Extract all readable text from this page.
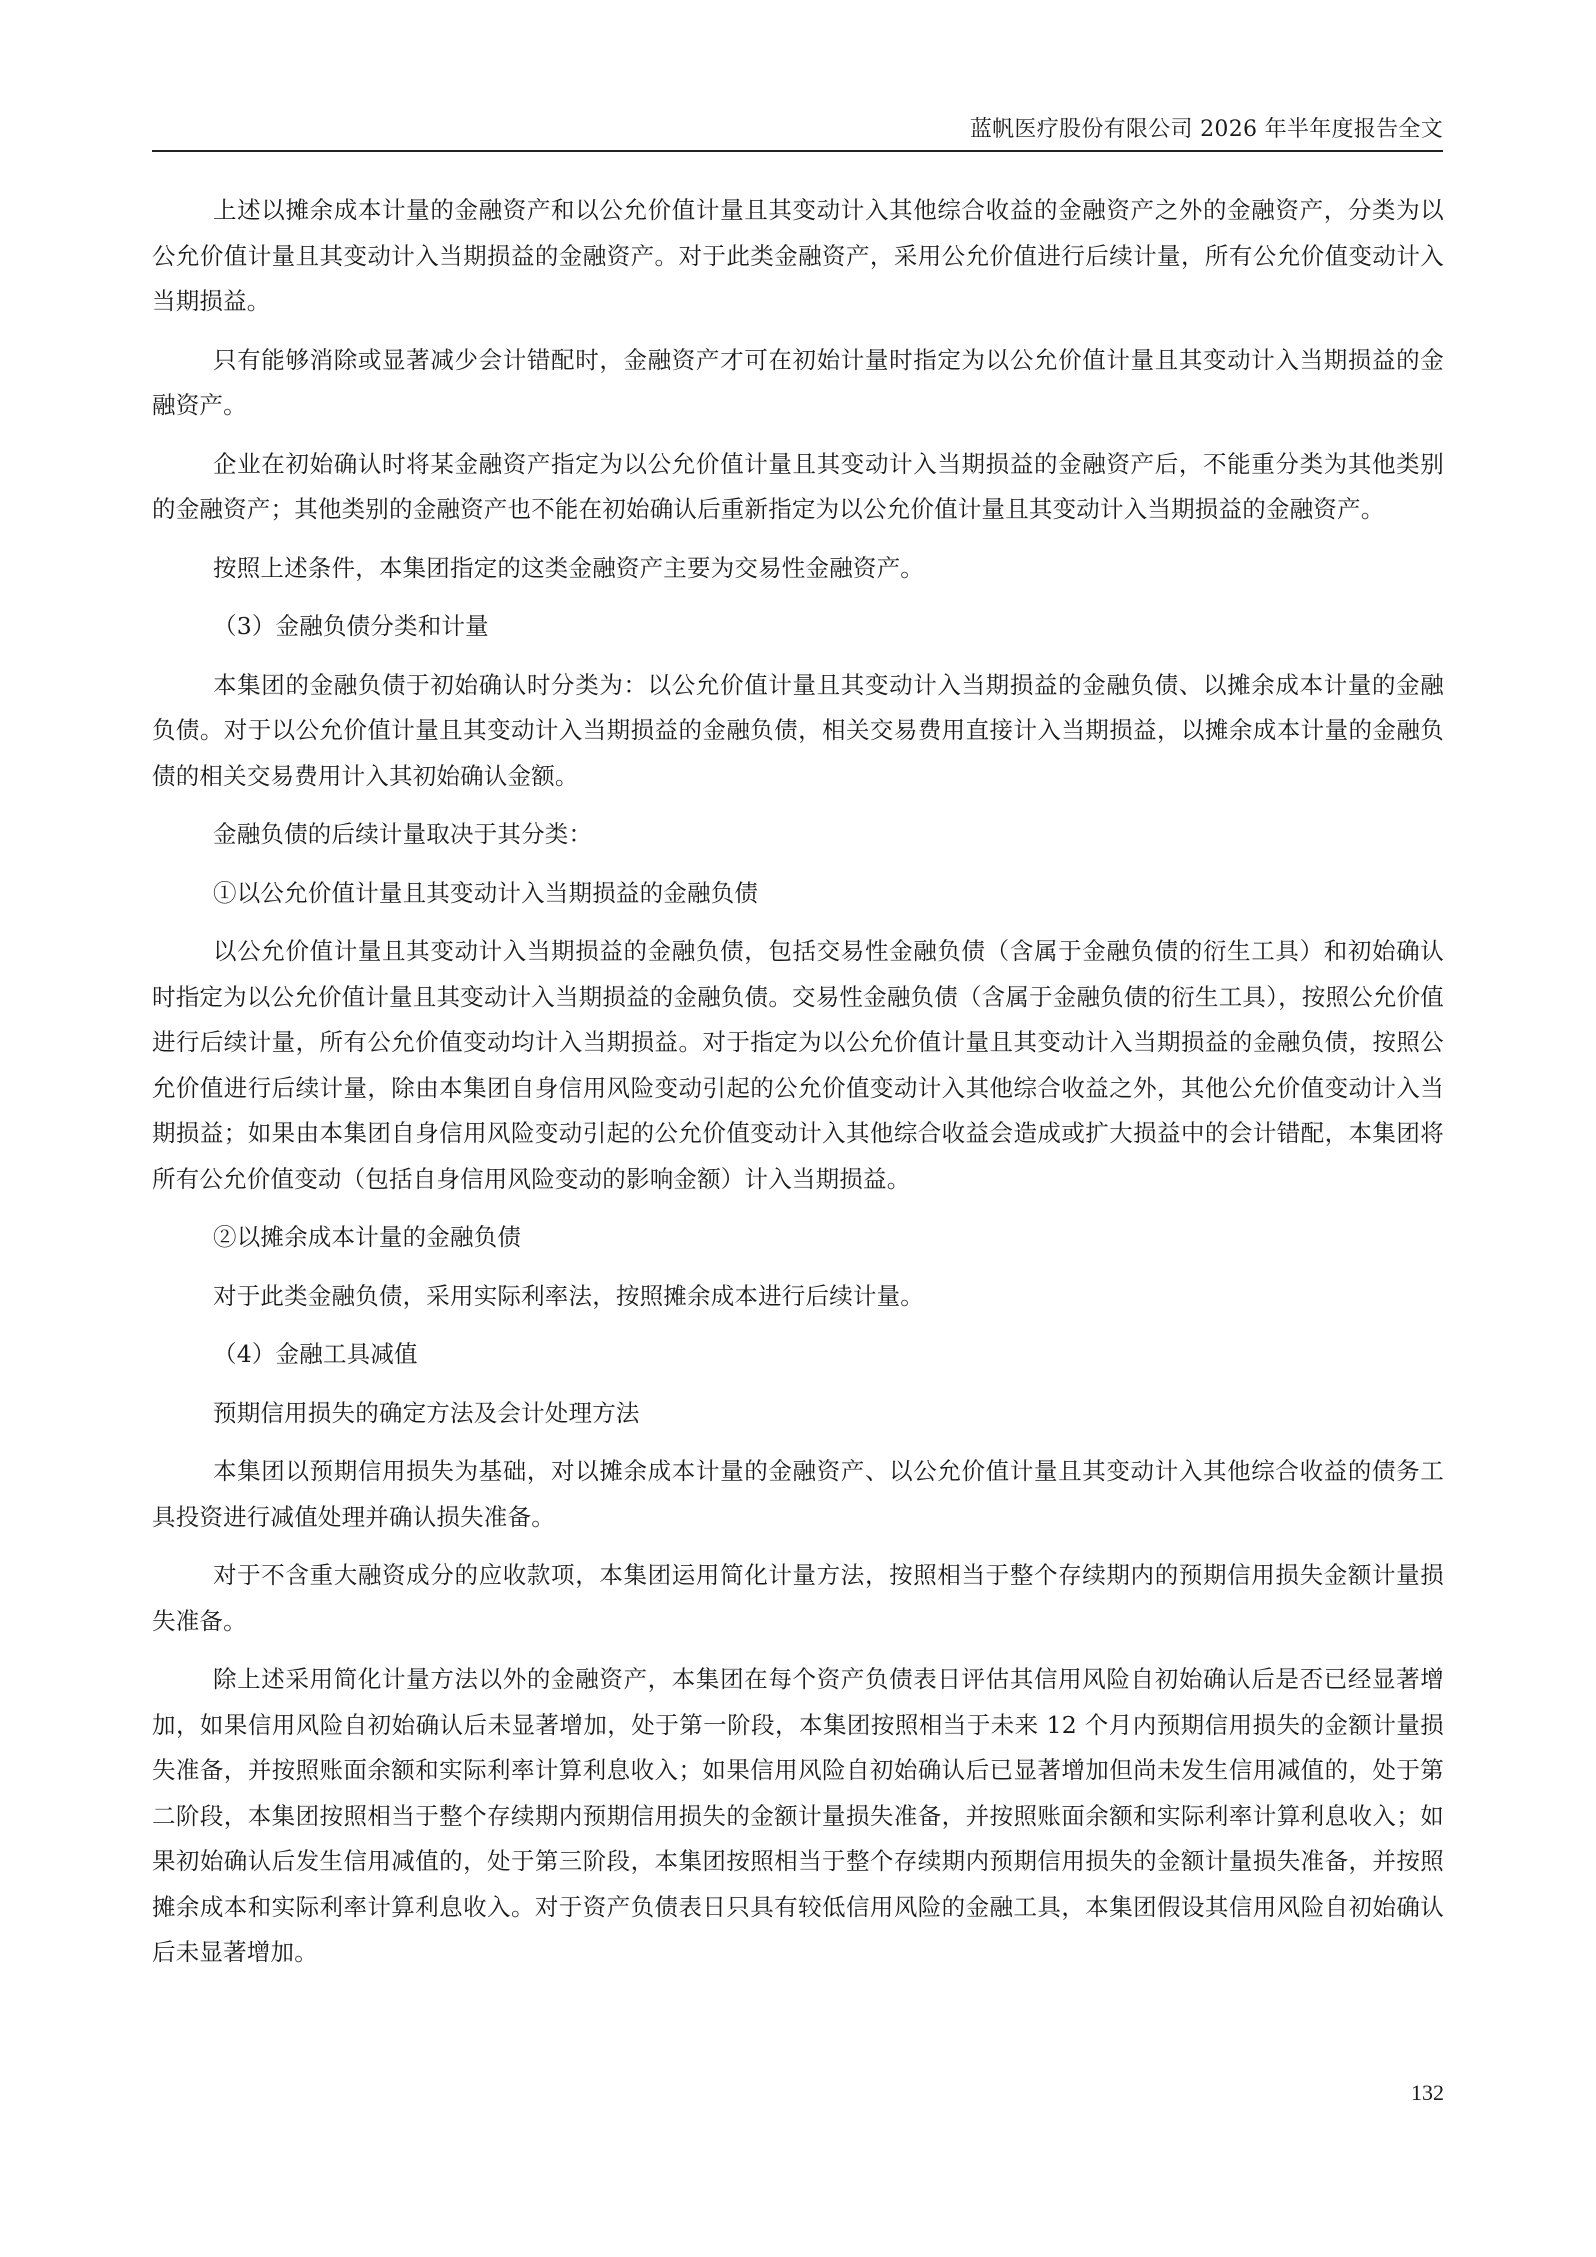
蓝帆医疗股份有限公司 2026 年半年度报告全文

上述以摊余成本计量的金融资产和以公允价值计量且其变动计入其他综合收益的金融资产之外的金融资产，分类为以公允价值计量且其变动计入当期损益的金融资产。对于此类金融资产，采用公允价值进行后续计量，所有公允价值变动计入当期损益。

只有能够消除或显著减少会计错配时，金融资产才可在初始计量时指定为以公允价值计量且其变动计入当期损益的金融资产。

企业在初始确认时将某金融资产指定为以公允价值计量且其变动计入当期损益的金融资产后，不能重分类为其他类别的金融资产；其他类别的金融资产也不能在初始确认后重新指定为以公允价值计量且其变动计入当期损益的金融资产。

按照上述条件，本集团指定的这类金融资产主要为交易性金融资产。

（3）金融负债分类和计量

本集团的金融负债于初始确认时分类为：以公允价值计量且其变动计入当期损益的金融负债、以摊余成本计量的金融负债。对于以公允价值计量且其变动计入当期损益的金融负债，相关交易费用直接计入当期损益，以摊余成本计量的金融负债的相关交易费用计入其初始确认金额。

金融负债的后续计量取决于其分类：

①以公允价值计量且其变动计入当期损益的金融负债

以公允价值计量且其变动计入当期损益的金融负债，包括交易性金融负债（含属于金融负债的衍生工具）和初始确认时指定为以公允价值计量且其变动计入当期损益的金融负债。交易性金融负债（含属于金融负债的衍生工具），按照公允价值进行后续计量，所有公允价值变动均计入当期损益。对于指定为以公允价值计量且其变动计入当期损益的金融负债，按照公允价值进行后续计量，除由本集团自身信用风险变动引起的公允价值变动计入其他综合收益之外，其他公允价值变动计入当期损益；如果由本集团自身信用风险变动引起的公允价值变动计入其他综合收益会造成或扩大损益中的会计错配，本集团将所有公允价值变动（包括自身信用风险变动的影响金额）计入当期损益。

②以摊余成本计量的金融负债

对于此类金融负债，采用实际利率法，按照摊余成本进行后续计量。

（4）金融工具减值

预期信用损失的确定方法及会计处理方法

本集团以预期信用损失为基础，对以摊余成本计量的金融资产、以公允价值计量且其变动计入其他综合收益的债务工具投资进行减值处理并确认损失准备。

对于不含重大融资成分的应收款项，本集团运用简化计量方法，按照相当于整个存续期内的预期信用损失金额计量损失准备。

除上述采用简化计量方法以外的金融资产，本集团在每个资产负债表日评估其信用风险自初始确认后是否已经显著增加，如果信用风险自初始确认后未显著增加，处于第一阶段，本集团按照相当于未来 12 个月内预期信用损失的金额计量损失准备，并按照账面余额和实际利率计算利息收入；如果信用风险自初始确认后已显著增加但尚未发生信用减值的，处于第二阶段，本集团按照相当于整个存续期内预期信用损失的金额计量损失准备，并按照账面余额和实际利率计算利息收入；如果初始确认后发生信用减值的，处于第三阶段，本集团按照相当于整个存续期内预期信用损失的金额计量损失准备，并按照摊余成本和实际利率计算利息收入。对于资产负债表日只具有较低信用风险的金融工具，本集团假设其信用风险自初始确认后未显著增加。

132
